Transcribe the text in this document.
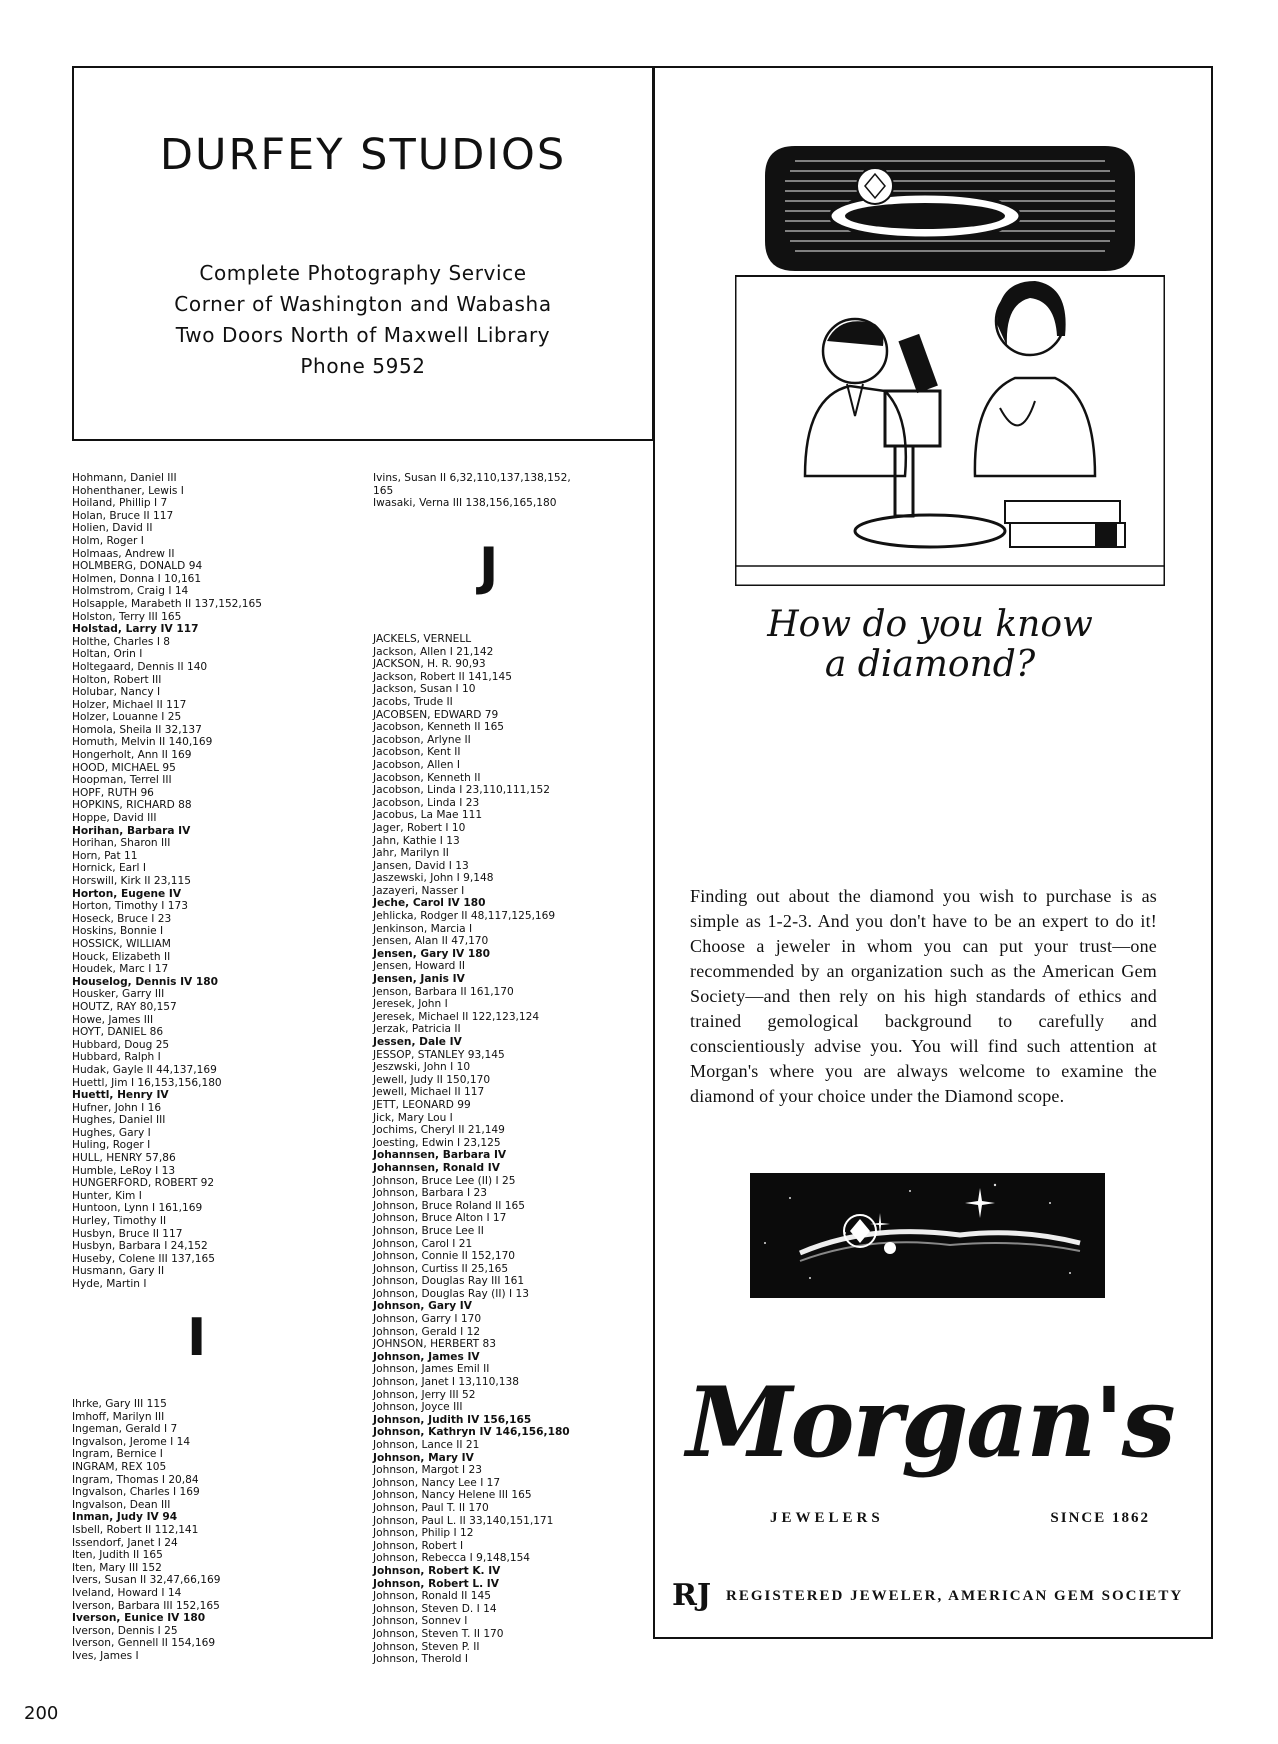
DURFEY STUDIOS
Complete Photography Service
Corner of Washington and Wabasha
Two Doors North of Maxwell Library
Phone 5952
Hohmann, Daniel III
Hohenthaner, Lewis I
Hoiland, Phillip I 7
Holan, Bruce II 117
Holien, David II
Holm, Roger I
Holmaas, Andrew II
HOLMBERG, DONALD 94
Holmen, Donna I 10,161
Holmstrom, Craig I 14
Holsapple, Marabeth II 137,152,165
Holston, Terry III 165
Holstad, Larry IV 117
Holthe, Charles I 8
Holtan, Orin I
Holtegaard, Dennis II 140
Holton, Robert III
Holubar, Nancy I
Holzer, Michael II 117
Holzer, Louanne I 25
Homola, Sheila II 32,137
Homuth, Melvin II 140,169
Hongerholt, Ann II 169
HOOD, MICHAEL 95
Hoopman, Terrel III
HOPF, RUTH 96
HOPKINS, RICHARD 88
Hoppe, David III
Horihan, Barbara IV
Horihan, Sharon III
Horn, Pat 11
Hornick, Earl I
Horswill, Kirk II 23,115
Horton, Eugene IV
Horton, Timothy I 173
Hoseck, Bruce I 23
Hoskins, Bonnie I
HOSSICK, WILLIAM
Houck, Elizabeth II
Houdek, Marc I 17
Houselog, Dennis IV 180
Housker, Garry III
HOUTZ, RAY 80,157
Howe, James III
HOYT, DANIEL 86
Hubbard, Doug 25
Hubbard, Ralph I
Hudak, Gayle II 44,137,169
Huettl, Jim I 16,153,156,180
Huettl, Henry IV
Hufner, John I 16
Hughes, Daniel III
Hughes, Gary I
Huling, Roger I
HULL, HENRY 57,86
Humble, LeRoy I 13
HUNGERFORD, ROBERT 92
Hunter, Kim I
Huntoon, Lynn I 161,169
Hurley, Timothy II
Husbyn, Bruce II 117
Husbyn, Barbara I 24,152
Huseby, Colene III 137,165
Husmann, Gary II
Hyde, Martin I
I
Ihrke, Gary III 115
Imhoff, Marilyn III
Ingeman, Gerald I 7
Ingvalson, Jerome I 14
Ingram, Bernice I
INGRAM, REX 105
Ingram, Thomas I 20,84
Ingvalson, Charles I 169
Ingvalson, Dean III
Inman, Judy IV 94
Isbell, Robert II 112,141
Issendorf, Janet I 24
Iten, Judith II 165
Iten, Mary III 152
Ivers, Susan II 32,47,66,169
Iveland, Howard I 14
Iverson, Barbara III 152,165
Iverson, Eunice IV 180
Iverson, Dennis I 25
Iverson, Gennell II 154,169
Ives, James I
Ivins, Susan II 6,32,110,137,138,152,
165
Iwasaki, Verna III 138,156,165,180
J
JACKELS, VERNELL
Jackson, Allen I 21,142
JACKSON, H. R. 90,93
Jackson, Robert II 141,145
Jackson, Susan I 10
Jacobs, Trude II
JACOBSEN, EDWARD 79
Jacobson, Kenneth II 165
Jacobson, Arlyne II
Jacobson, Kent II
Jacobson, Allen I
Jacobson, Kenneth II
Jacobson, Linda I 23,110,111,152
Jacobson, Linda I 23
Jacobus, La Mae 111
Jager, Robert I 10
Jahn, Kathie I 13
Jahr, Marilyn II
Jansen, David I 13
Jaszewski, John I 9,148
Jazayeri, Nasser I
Jeche, Carol IV 180
Jehlicka, Rodger II 48,117,125,169
Jenkinson, Marcia I
Jensen, Alan II 47,170
Jensen, Gary IV 180
Jensen, Howard II
Jensen, Janis IV
Jenson, Barbara II 161,170
Jeresek, John I
Jeresek, Michael II 122,123,124
Jerzak, Patricia II
Jessen, Dale IV
JESSOP, STANLEY 93,145
Jeszwski, John I 10
Jewell, Judy II 150,170
Jewell, Michael II 117
JETT, LEONARD 99
Jick, Mary Lou I
Jochims, Cheryl II 21,149
Joesting, Edwin I 23,125
Johannsen, Barbara IV
Johannsen, Ronald IV
Johnson, Bruce Lee (II) I 25
Johnson, Barbara I 23
Johnson, Bruce Roland II 165
Johnson, Bruce Alton I 17
Johnson, Bruce Lee II
Johnson, Carol I 21
Johnson, Connie II 152,170
Johnson, Curtiss II 25,165
Johnson, Douglas Ray III 161
Johnson, Douglas Ray (II) I 13
Johnson, Gary IV
Johnson, Garry I 170
Johnson, Gerald I 12
JOHNSON, HERBERT 83
Johnson, James IV
Johnson, James Emil II
Johnson, Janet I 13,110,138
Johnson, Jerry III 52
Johnson, Joyce III
Johnson, Judith IV 156,165
Johnson, Kathryn IV 146,156,180
Johnson, Lance II 21
Johnson, Mary IV
Johnson, Margot I 23
Johnson, Nancy Lee I 17
Johnson, Nancy Helene III 165
Johnson, Paul T. II 170
Johnson, Paul L. II 33,140,151,171
Johnson, Philip I 12
Johnson, Robert I
Johnson, Rebecca I 9,148,154
Johnson, Robert K. IV
Johnson, Robert L. IV
Johnson, Ronald II 145
Johnson, Steven D. I 14
Johnson, Sonnev I
Johnson, Steven T. II 170
Johnson, Steven P. II
Johnson, Therold I
How do you know
a diamond?
Finding out about the diamond you wish to purchase is as simple as 1-2-3. And you don't have to be an expert to do it! Choose a jeweler in whom you can put your trust—one recommended by an organization such as the American Gem Society—and then rely on his high standards of ethics and trained gemological background to carefully and conscientiously advise you. You will find such attention at Morgan's where you are always welcome to examine the diamond of your choice under the Diamond scope.
Morgan's
JEWELERS	SINCE 1862
RJ REGISTERED JEWELER, AMERICAN GEM SOCIETY
200
